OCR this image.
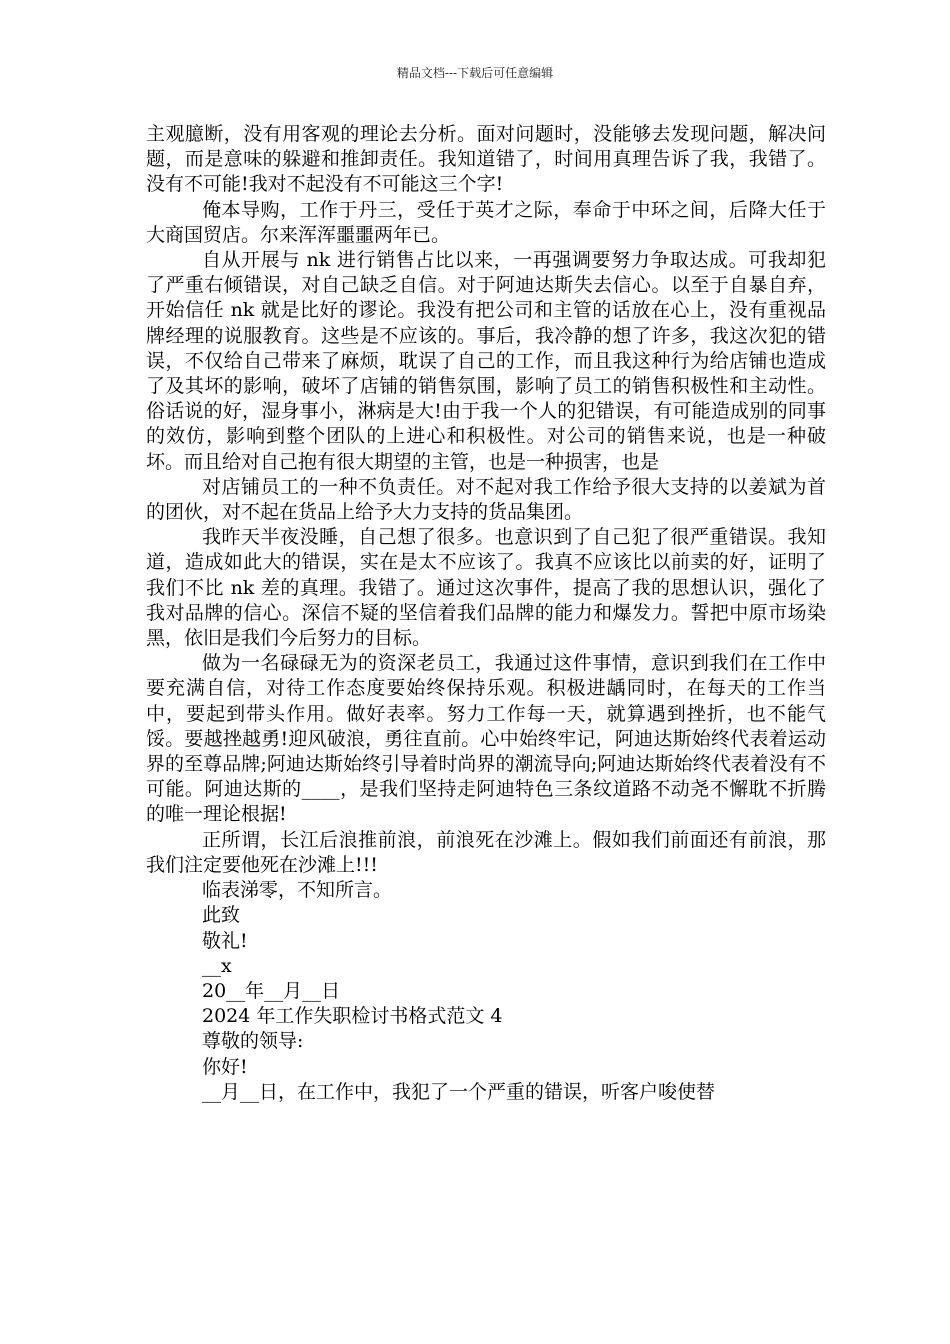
精品文档---下载后可任意编辑

主观臆断，没有用客观的理论去分析。面对问题时，没能够去发现问题，解决问题，而是意味的躲避和推卸责任。我知道错了，时间用真理告诉了我，我错了。没有不可能!我对不起没有不可能这三个字!

俺本导购，工作于丹三，受任于英才之际，奉命于中环之间，后降大任于大商国贸店。尔来浑浑噩噩两年已。

自从开展与 nk 进行销售占比以来，一再强调要努力争取达成。可我却犯了严重右倾错误，对自己缺乏自信。对于阿迪达斯失去信心。以至于自暴自弃，开始信任 nk 就是比好的谬论。我没有把公司和主管的话放在心上，没有重视品牌经理的说服教育。这些是不应该的。事后，我冷静的想了许多，我这次犯的错误，不仅给自己带来了麻烦，耽误了自己的工作，而且我这种行为给店铺也造成了及其坏的影响，破坏了店铺的销售氛围，影响了员工的销售积极性和主动性。俗话说的好，湿身事小，淋病是大!由于我一个人的犯错误，有可能造成别的同事的效仿，影响到整个团队的上进心和积极性。对公司的销售来说，也是一种破坏。而且给对自己抱有很大期望的主管，也是一种损害，也是

对店铺员工的一种不负责任。对不起对我工作给予很大支持的以姜斌为首的团伙，对不起在货品上给予大力支持的货品集团。

我昨天半夜没睡，自己想了很多。也意识到了自己犯了很严重错误。我知道，造成如此大的错误，实在是太不应该了。我真不应该比以前卖的好，证明了我们不比 nk 差的真理。我错了。通过这次事件，提高了我的思想认识，强化了我对品牌的信心。深信不疑的坚信着我们品牌的能力和爆发力。誓把中原市场染黑，依旧是我们今后努力的目标。

做为一名碌碌无为的资深老员工，我通过这件事情，意识到我们在工作中要充满自信，对待工作态度要始终保持乐观。积极进龋同时，在每天的工作当中，要起到带头作用。做好表率。努力工作每一天，就算遇到挫折，也不能气馁。要越挫越勇!迎风破浪，勇往直前。心中始终牢记，阿迪达斯始终代表着运动界的至尊品牌;阿迪达斯始终引导着时尚界的潮流导向;阿迪达斯始终代表着没有不可能。阿迪达斯的____，是我们坚持走阿迪特色三条纹道路不动尧不懈耽不折腾的唯一理论根据!

正所谓，长江后浪推前浪，前浪死在沙滩上。假如我们前面还有前浪，那我们注定要他死在沙滩上!!!

临表涕零，不知所言。
此致
敬礼!
__x
20__年__月__日
2024 年工作失职检讨书格式范文 4
尊敬的领导:
你好!
__月__日，在工作中，我犯了一个严重的错误，听客户唆使替
